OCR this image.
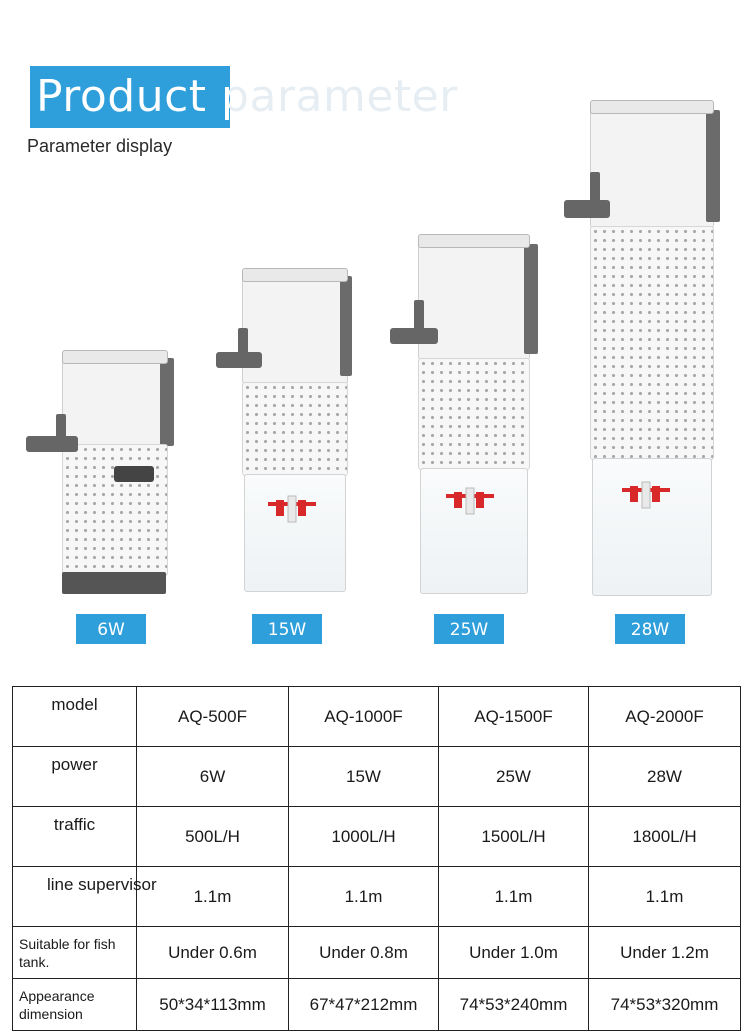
Product parameter
Parameter display
6W	15W	25W	28W
model	AQ-500F	AQ-1000F	AQ-1500F	AQ-2000F
power	6W	15W	25W	28W
traffic	500L/H	1000L/H	1500L/H	1800L/H
line supervisor	1.1m	1.1m	1.1m	1.1m
Suitable for fish tank.	Under 0.6m	Under 0.8m	Under 1.0m	Under 1.2m
Appearance dimension	50*34*113mm	67*47*212mm	74*53*240mm	74*53*320mm
